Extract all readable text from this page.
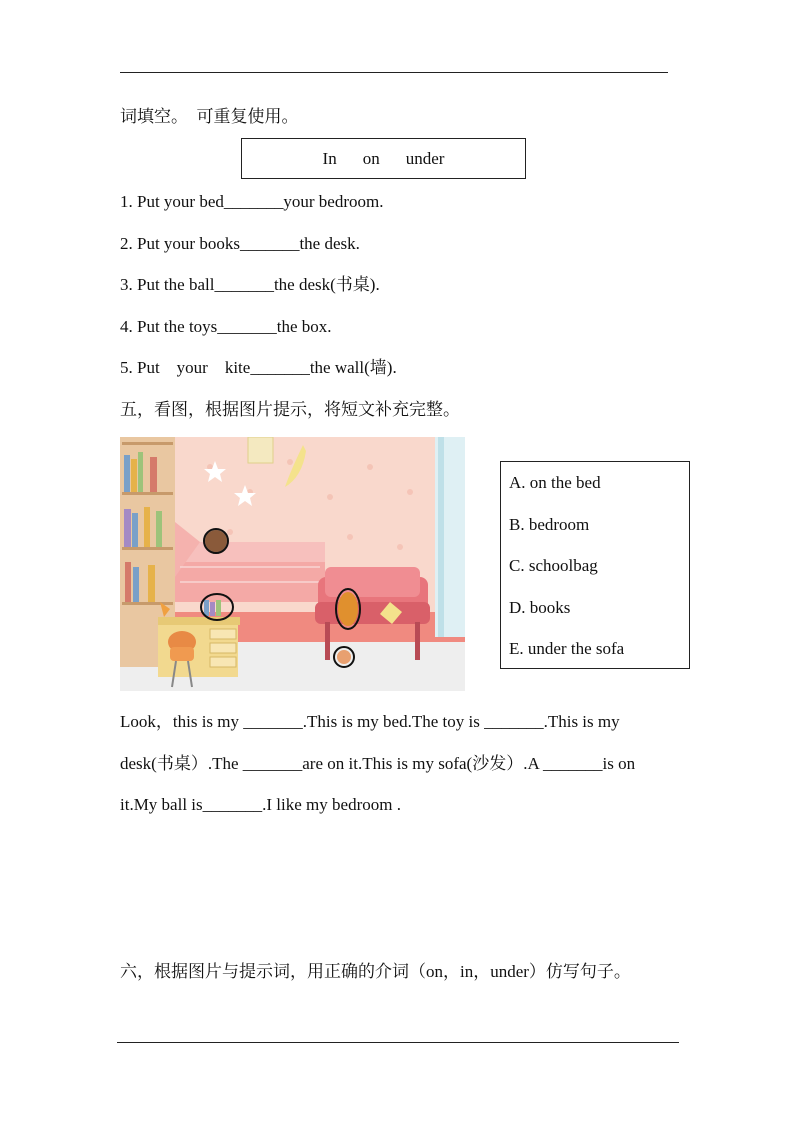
词填空。  可重复使用。
In on under
1. Put your bed_______your bedroom.
2. Put your books_______the desk.
3. Put the ball_______the desk(书桌).
4. Put the toys_______the box.
5. Put    your    kite_______the wall(墙).
五，看图，根据图片提示，将短文补充完整。
A. on the bed
B. bedroom
C. schoolbag
D. books
E. under the sofa
Look，this is my _______.This is my bed.The toy is _______.This is my
desk(书桌）.The _______are on it.This is my sofa(沙发）.A _______is on
it.My ball is_______.I like my bedroom .
六，根据图片与提示词，用正确的介词（on，in，under）仿写句子。
